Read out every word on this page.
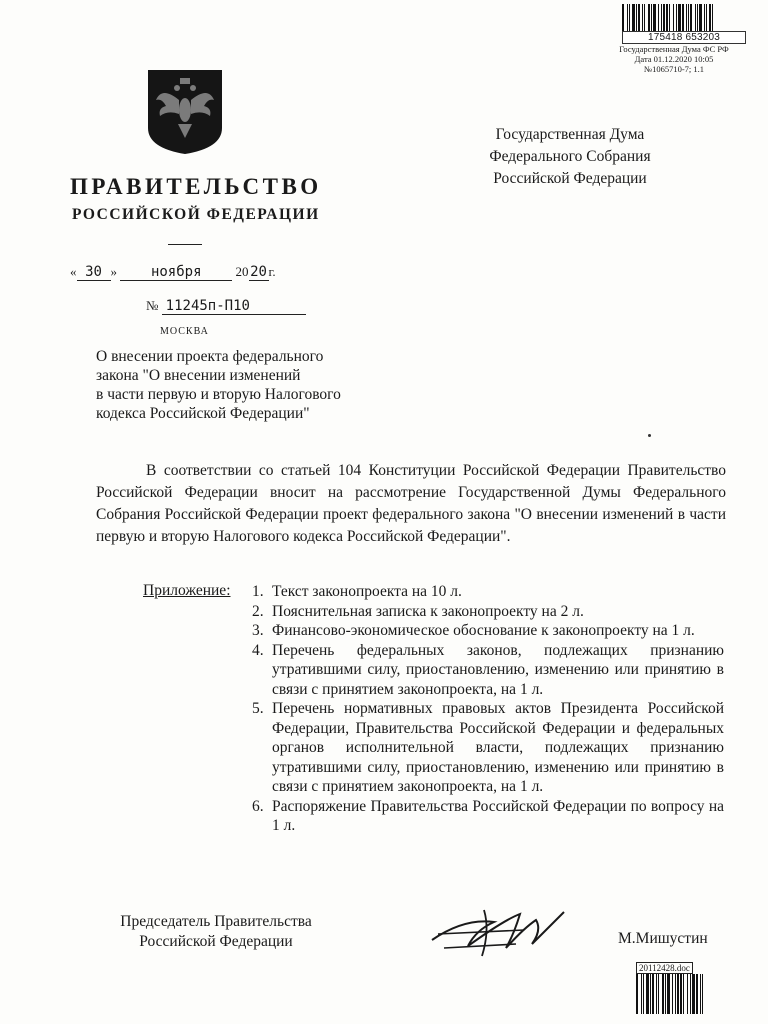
175418 653203
Государственная Дума ФС РФ
Дата 01.12.2020 10:05
№1065710-7; 1.1
ПРАВИТЕЛЬСТВО
РОССИЙСКОЙ ФЕДЕРАЦИИ
Государственная Дума
Федерального Собрания
Российской Федерации
« 30 » ноября	20 20 г.
№ 11245п-П10
МОСКВА
О внесении проекта федерального
закона "О внесении изменений
в части первую и вторую Налогового
кодекса Российской Федерации"
В соответствии со статьей 104 Конституции Российской Федерации Правительство Российской Федерации вносит на рассмотрение Государственной Думы Федерального Собрания Российской Федерации проект федерального закона "О внесении изменений в части первую и вторую Налогового кодекса Российской Федерации".
Приложение: 1. Текст законопроекта на 10 л.
2. Пояснительная записка к законопроекту на 2 л.
3. Финансово-экономическое обоснование к законопроекту на 1 л.
4. Перечень федеральных законов, подлежащих признанию утратившими силу, приостановлению, изменению или принятию в связи с принятием законопроекта, на 1 л.
5. Перечень нормативных правовых актов Президента Российской Федерации, Правительства Российской Федерации и федеральных органов исполнительной власти, подлежащих признанию утратившими силу, приостановлению, изменению или принятию в связи с принятием законопроекта, на 1 л.
6. Распоряжение Правительства Российской Федерации по вопросу на 1 л.
Председатель Правительства
Российской Федерации	М.Мишустин
20112428.doc
